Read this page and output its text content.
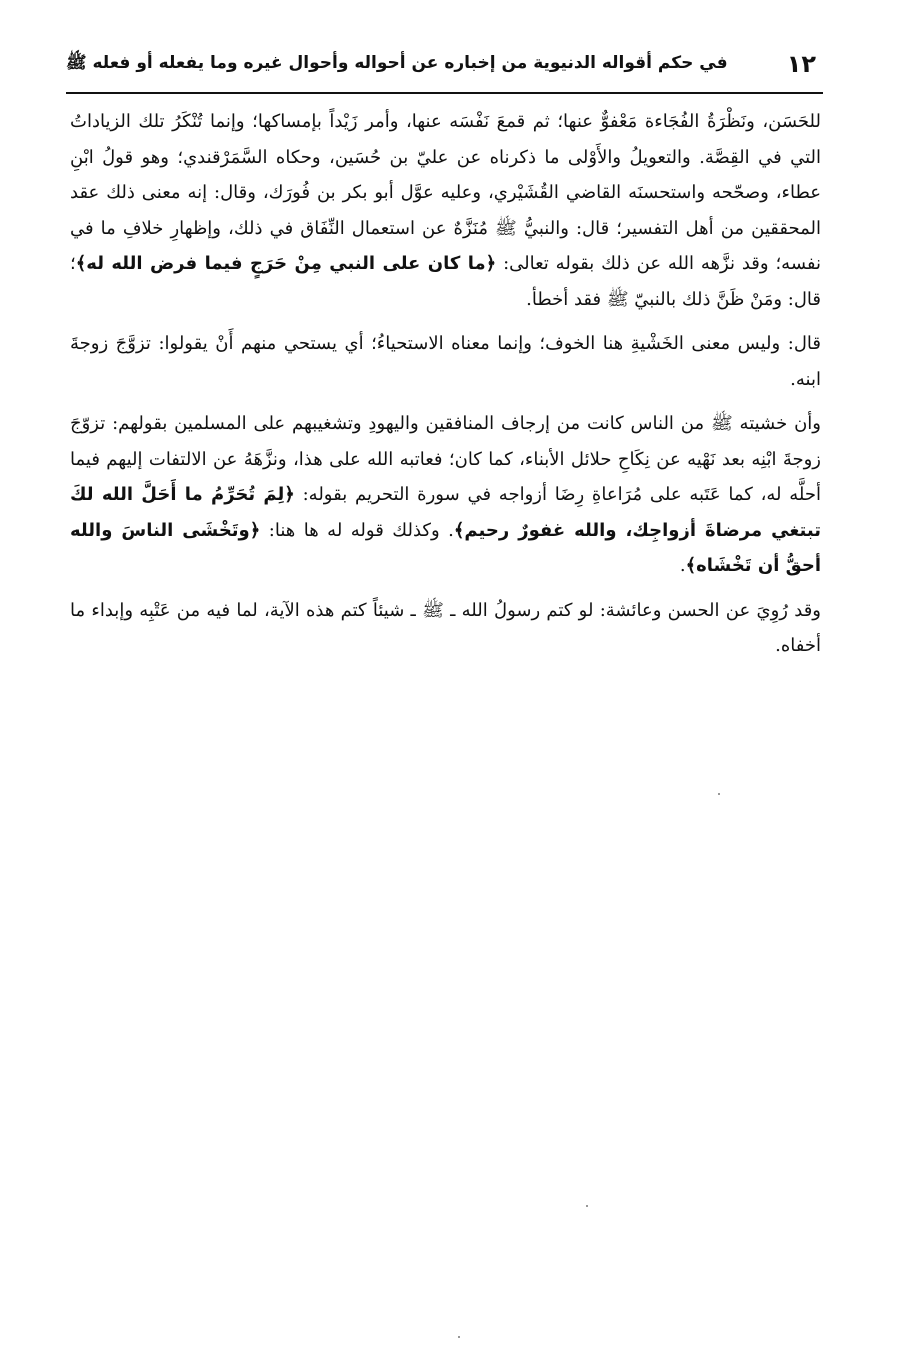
١٢
في حكم أقواله الدنيوية من إخباره عن أحواله وأحوال غيره وما يفعله أو فعله ﷺ

للحَسَن، ونَظْرَةُ الفُجَاءة مَعْفوٌّ عنها؛ ثم قمعَ نَفْسَه عنها، وأمر زَيْداً بإمساكها؛ وإنما تُنْكَرُ تلك الزياداتُ التي في القِصَّة. والتعويلُ والأَوْلى ما ذكرناه عن عليّ بن حُسَين، وحكاه السَّمَرْقندي؛ وهو قولُ ابْنِ عطاء، وصحّحه واستحسنَه القاضي القُشَيْري، وعليه عوَّل أبو بكر بن فُورَك، وقال: إنه معنى ذلك عقد المحققين من أهل التفسير؛ قال: والنبيُّ ﷺ مُنَزَّهٌ عن استعمال النِّفَاق في ذلك، وإظهارِ خلافِ ما في نفسه؛ وقد نزَّهه الله عن ذلك بقوله تعالى: ﴿ما كان على النبي مِنْ حَرَجٍ فيما فرض الله له﴾؛ قال: ومَنْ ظَنَّ ذلك بالنبيّ ﷺ فقد أخطأ.

قال: وليس معنى الخَشْيةِ هنا الخوف؛ وإنما معناه الاستحياءُ؛ أي يستحي منهم أَنْ يقولوا: تزوَّجَ زوجةَ ابنه.

وأن خشيته ﷺ من الناس كانت من إرجاف المنافقين واليهودِ وتشغيبهم على المسلمين بقولهم: تزوّجَ زوجةَ ابْنِه بعد نَهْيه عن نِكَاحِ حلائل الأبناء، كما كان؛ فعاتبه الله على هذا، ونزَّهَهُ عن الالتفات إليهم فيما أحلَّه له، كما عَتَبه على مُرَاعاةِ رِضَا أزواجه في سورة التحريم بقوله: ﴿لِمَ تُحَرِّمُ ما أَحَلَّ الله لكَ تبتغي مرضاةَ أزواجِك، والله غفورٌ رحيم﴾. وكذلك قوله له ها هنا: ﴿وتَخْشَى الناسَ والله أحقُّ أن تَخْشَاه﴾.

وقد رُوِيَ عن الحسن وعائشة: لو كتم رسولُ الله ـ ﷺ ـ شيئاً كتم هذه الآية، لما فيه من عَتْبِه وإبداء ما أخفاه.
